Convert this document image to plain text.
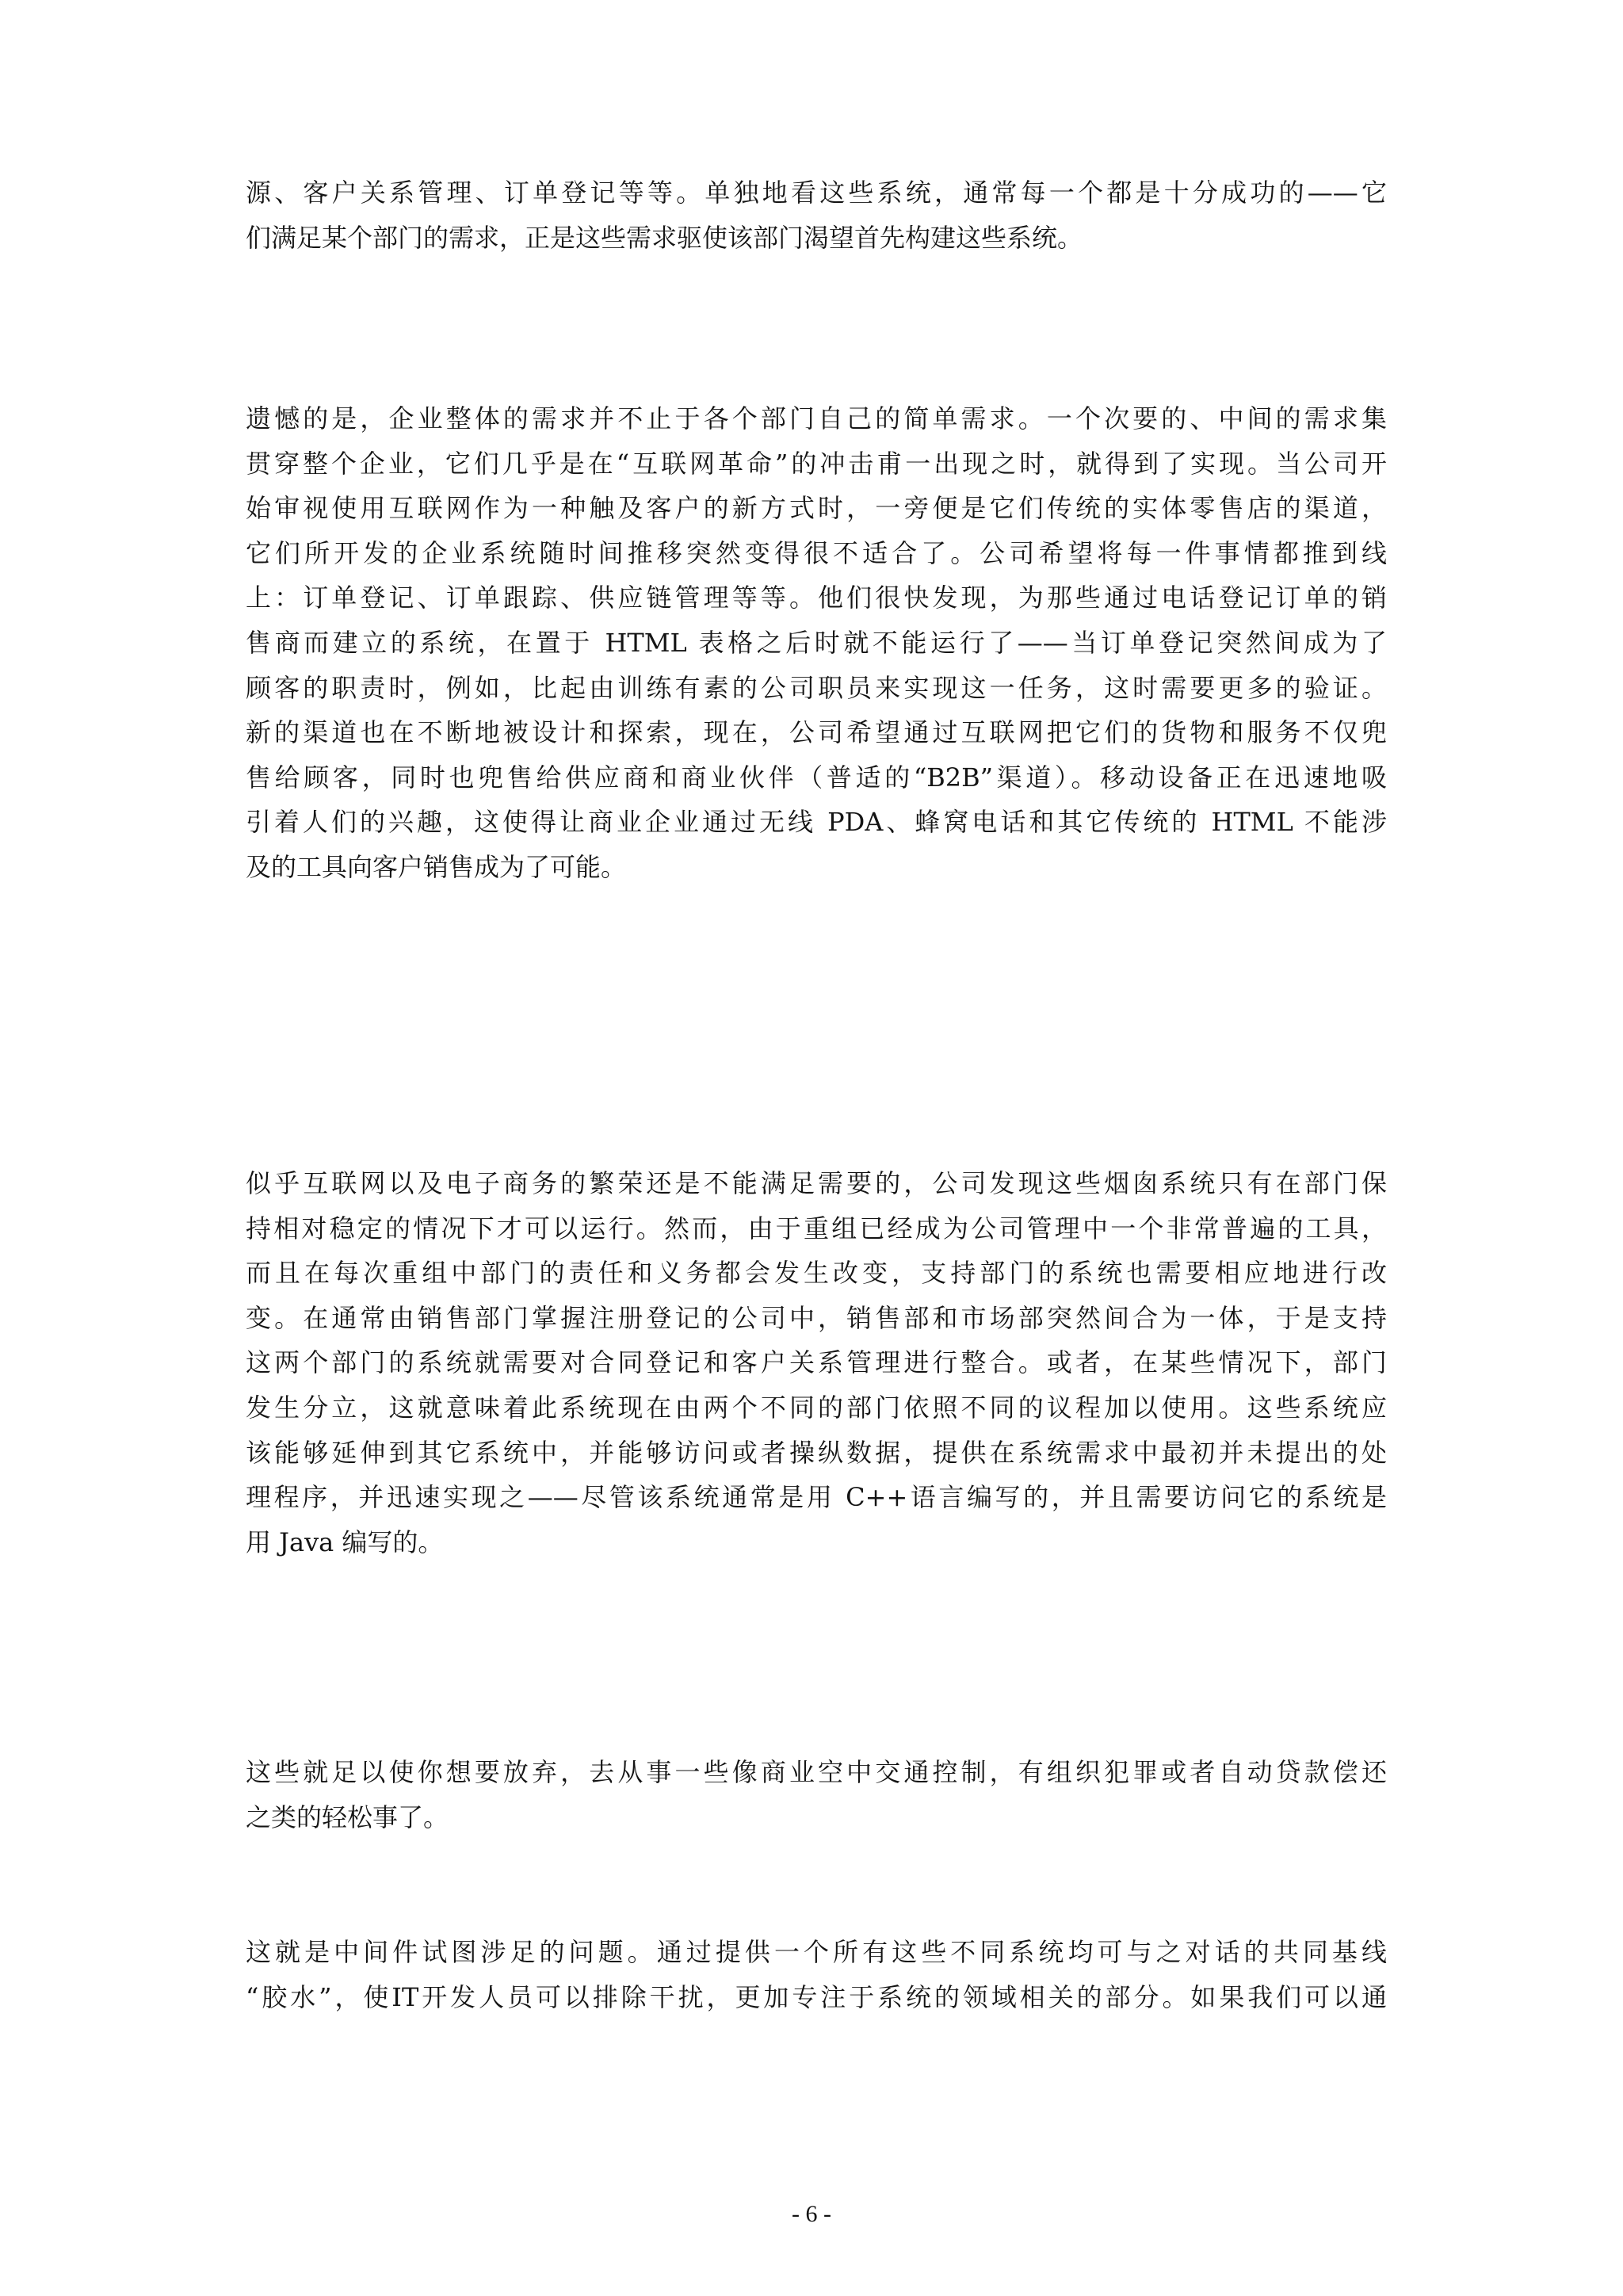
源、客户关系管理、订单登记等等。单独地看这些系统，通常每一个都是十分成功的——它
们满足某个部门的需求，正是这些需求驱使该部门渴望首先构建这些系统。
遗憾的是，企业整体的需求并不止于各个部门自己的简单需求。一个次要的、中间的需求集
贯穿整个企业，它们几乎是在“互联网革命”的冲击甫一出现之时，就得到了实现。当公司开
始审视使用互联网作为一种触及客户的新方式时，一旁便是它们传统的实体零售店的渠道，
它们所开发的企业系统随时间推移突然变得很不适合了。公司希望将每一件事情都推到线
上：订单登记、订单跟踪、供应链管理等等。他们很快发现，为那些通过电话登记订单的销
售商而建立的系统，在置于 HTML 表格之后时就不能运行了——当订单登记突然间成为了
顾客的职责时，例如，比起由训练有素的公司职员来实现这一任务，这时需要更多的验证。
新的渠道也在不断地被设计和探索，现在，公司希望通过互联网把它们的货物和服务不仅兜
售给顾客，同时也兜售给供应商和商业伙伴（普适的“B2B”渠道）。移动设备正在迅速地吸
引着人们的兴趣，这使得让商业企业通过无线 PDA、蜂窝电话和其它传统的 HTML 不能涉
及的工具向客户销售成为了可能。
似乎互联网以及电子商务的繁荣还是不能满足需要的，公司发现这些烟囱系统只有在部门保
持相对稳定的情况下才可以运行。然而，由于重组已经成为公司管理中一个非常普遍的工具，
而且在每次重组中部门的责任和义务都会发生改变，支持部门的系统也需要相应地进行改
变。在通常由销售部门掌握注册登记的公司中，销售部和市场部突然间合为一体，于是支持
这两个部门的系统就需要对合同登记和客户关系管理进行整合。或者，在某些情况下，部门
发生分立，这就意味着此系统现在由两个不同的部门依照不同的议程加以使用。这些系统应
该能够延伸到其它系统中，并能够访问或者操纵数据，提供在系统需求中最初并未提出的处
理程序，并迅速实现之——尽管该系统通常是用 C++语言编写的，并且需要访问它的系统是
用 Java 编写的。
这些就足以使你想要放弃，去从事一些像商业空中交通控制，有组织犯罪或者自动贷款偿还
之类的轻松事了。
这就是中间件试图涉足的问题。通过提供一个所有这些不同系统均可与之对话的共同基线
“胶水”，使IT开发人员可以排除干扰，更加专注于系统的领域相关的部分。如果我们可以通
- 6 -
